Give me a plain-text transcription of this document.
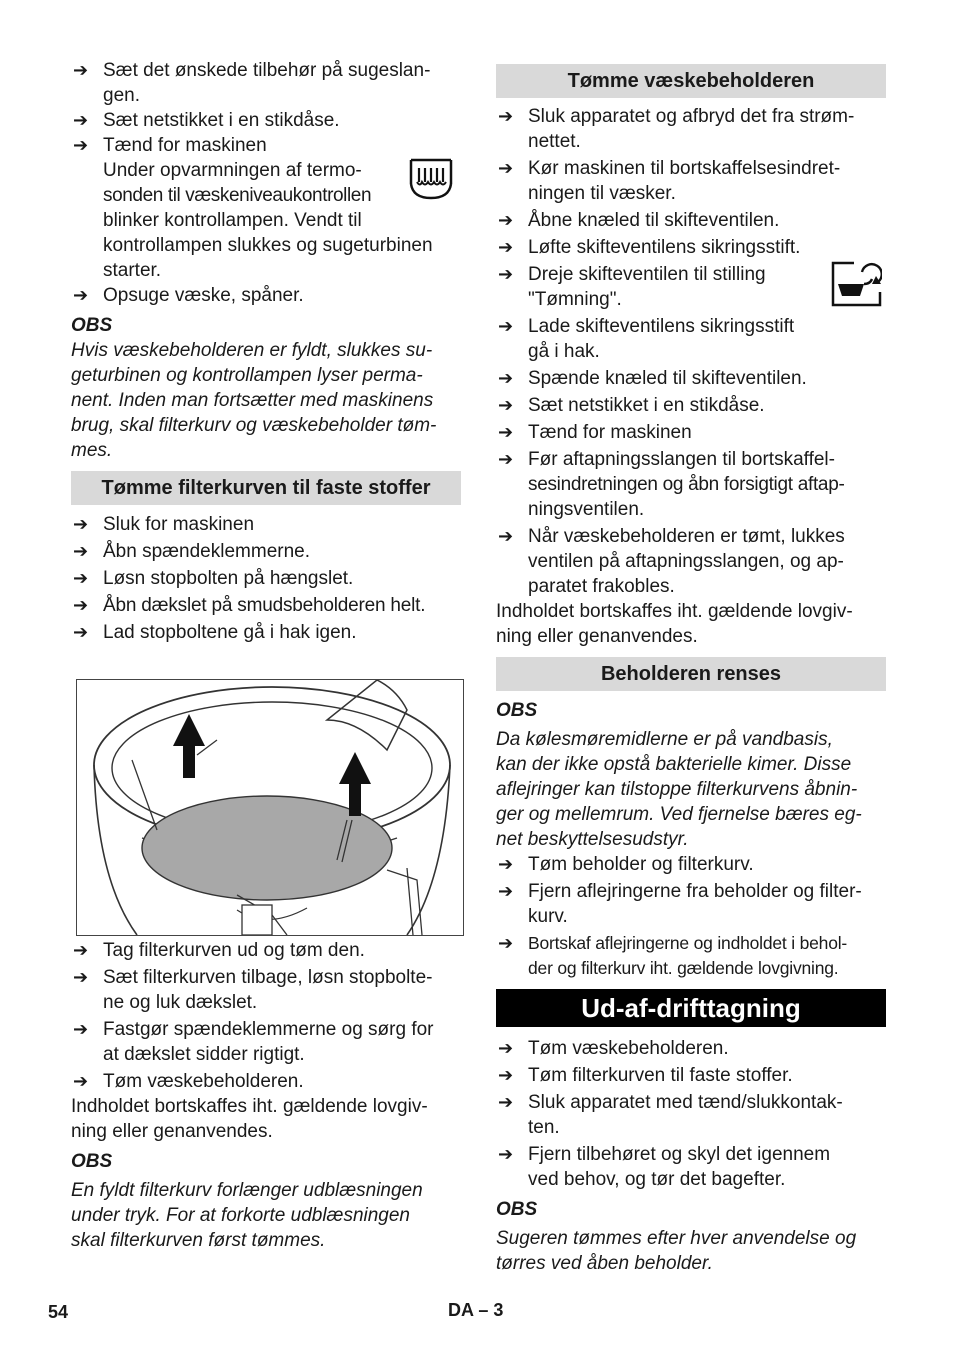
➔ Sæt det ønskede tilbehør på sugeslan-
gen.
➔ Sæt netstikket i en stikdåse.
➔ Tænd for maskinen
Under opvarmningen af termo-
sonden til væskeniveaukontrollen
blinker kontrollampen. Vendt til
kontrollampen slukkes og sugeturbinen
starter.
➔ Opsuge væske, spåner.
OBS
Hvis væskebeholderen er fyldt, slukkes su-
geturbinen og kontrollampen lyser perma-
nent. Inden man fortsætter med maskinens
brug, skal filterkurv og væskebeholder tøm-
mes.
Tømme filterkurven til faste stoffer
➔ Sluk for maskinen
➔ Åbn spændeklemmerne.
➔ Løsn stopbolten på hængslet.
➔ Åbn dækslet på smudsbeholderen helt.
➔ Lad stopboltene gå i hak igen.
➔ Tag filterkurven ud og tøm den.
➔ Sæt filterkurven tilbage, løsn stopbolte-
ne og luk dækslet.
➔ Fastgør spændeklemmerne og sørg for
at dækslet sidder rigtigt.
➔ Tøm væskebeholderen.
Indholdet bortskaffes iht. gældende lovgiv-
ning eller genanvendes.
OBS
En fyldt filterkurv forlænger udblæsningen
under tryk. For at forkorte udblæsningen
skal filterkurven først tømmes.
Tømme væskebeholderen
➔ Sluk apparatet og afbryd det fra strøm-
nettet.
➔ Kør maskinen til bortskaffelsesindret-
ningen til væsker.
➔ Åbne knæled til skifteventilen.
➔ Løfte skifteventilens sikringsstift.
➔ Dreje skifteventilen til stilling
"Tømning".
➔ Lade skifteventilens sikringsstift
gå i hak.
➔ Spænde knæled til skifteventilen.
➔ Sæt netstikket i en stikdåse.
➔ Tænd for maskinen
➔ Før aftapningsslangen til bortskaffel-
sesindretningen og åbn forsigtigt aftap-
ningsventilen.
➔ Når væskebeholderen er tømt, lukkes
ventilen på aftapningsslangen, og ap-
paratet frakobles.
Indholdet bortskaffes iht. gældende lovgiv-
ning eller genanvendes.
Beholderen renses
OBS
Da kølesmøremidlerne er på vandbasis,
kan der ikke opstå bakterielle kimer. Disse
aflejringer kan tilstoppe filterkurvens åbnin-
ger og mellemrum. Ved fjernelse bæres eg-
net beskyttelsesudstyr.
➔ Tøm beholder og filterkurv.
➔ Fjern aflejringerne fra beholder og filter-
kurv.
➔ Bortskaf aflejringerne og indholdet i behol-
der og filterkurv iht. gældende lovgivning.
Ud-af-drifttagning
➔ Tøm væskebeholderen.
➔ Tøm filterkurven til faste stoffer.
➔ Sluk apparatet med tænd/slukkontak-
ten.
➔ Fjern tilbehøret og skyl det igennem
ved behov, og tør det bagefter.
OBS
Sugeren tømmes efter hver anvendelse og
tørres ved åben beholder.
54	DA – 3
